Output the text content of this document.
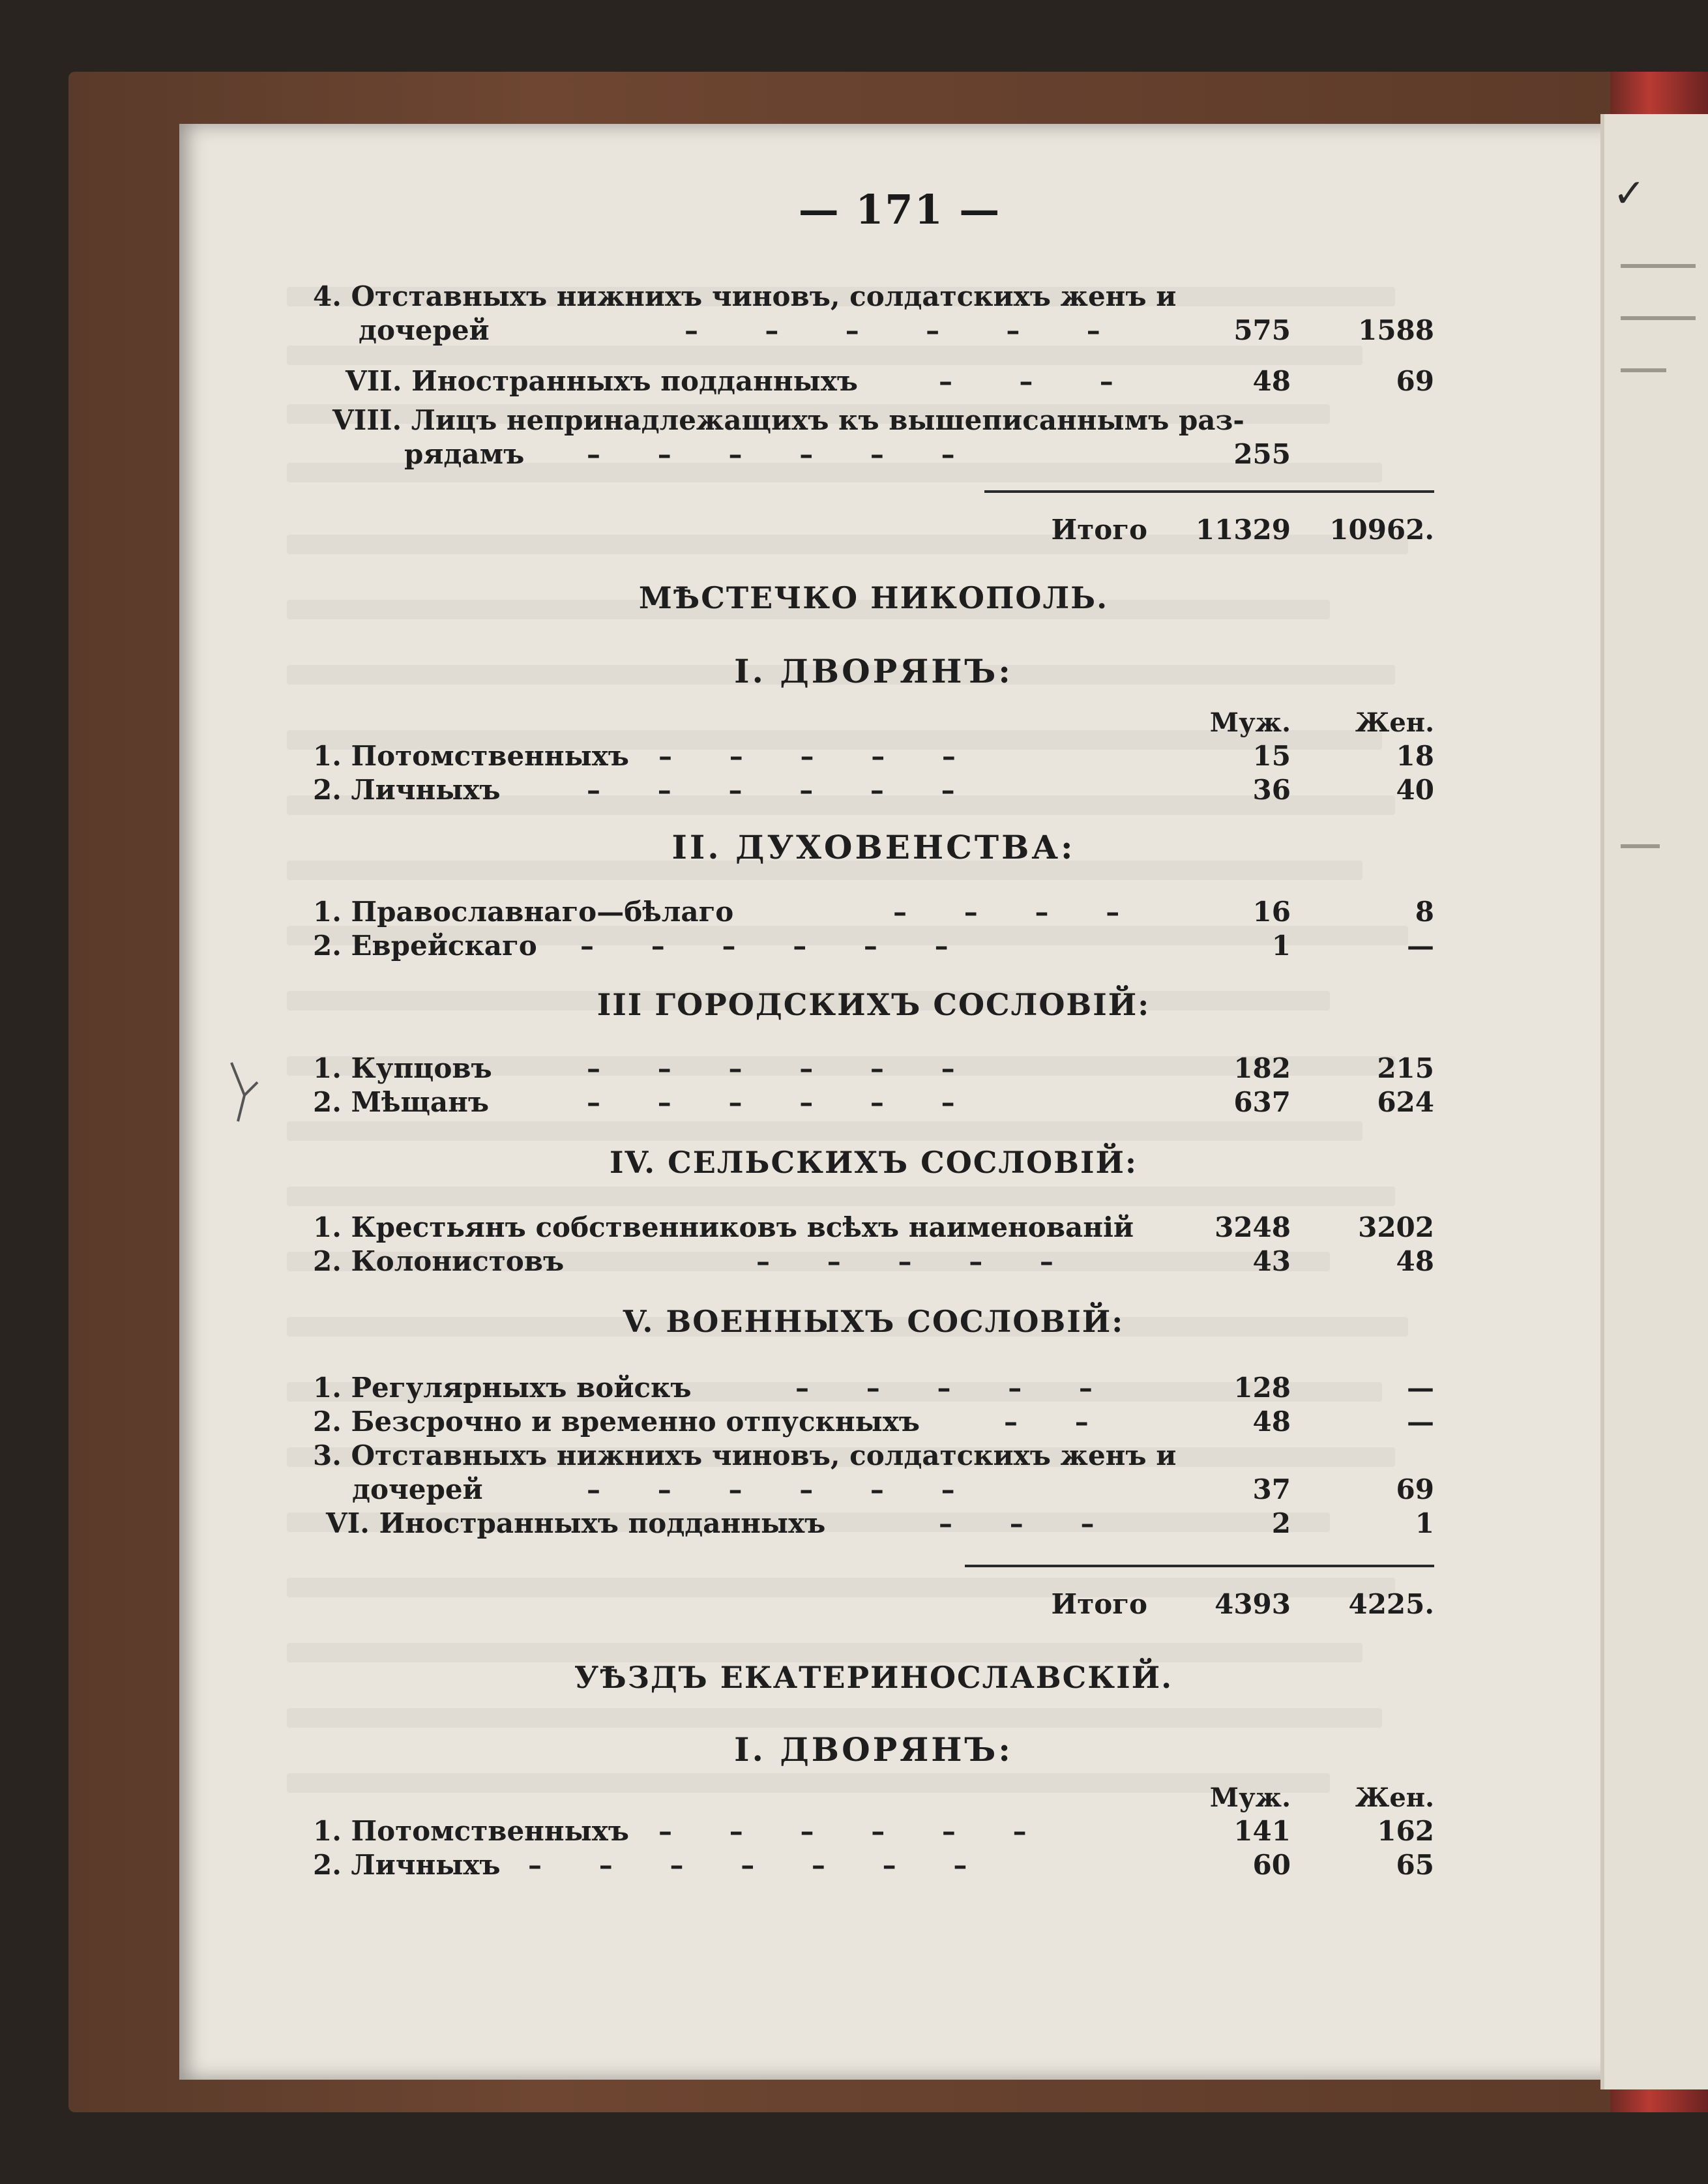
✓
— 171 —
4. Отставныхъ нижнихъ чиновъ, солдатскихъ женъ и
дочерей	–       –       –       –       –       –	575 1588
VII. Иностранныхъ подданныхъ	–       –       –	48	69
VIII. Лицъ непринадлежащихъ къ вышеписаннымъ раз-
рядамъ –      –      –      –      –      –	255
Итого 11329 10962.
МѢСТЕЧКО НИКОПОЛЬ.
I. ДВОРЯНЪ:
Муж. Жен.
1. Потомственныхъ –      –      –      –      –	15	18
2. Личныхъ	–      –      –      –      –      –	36	40
II. ДУХОВЕНСТВА:
1. Православнаго—бѣлаго	–      –      –      –	16	8
2. Еврейскаго –      –      –      –      –      –	1	—
III ГОРОДСКИХЪ СОСЛОВІЙ:
1. Купцовъ	–      –      –      –      –      –	182	215
2. Мѣщанъ	–      –      –      –      –      –	637	624
IV. СЕЛЬСКИХЪ СОСЛОВІЙ:
1. Крестьянъ собственниковъ всѣхъ наименованій	3248 3202
2. Колонистовъ	–      –      –      –      –	43	48
V. ВОЕННЫХЪ СОСЛОВІЙ:
1. Регулярныхъ войскъ	–      –      –      –      –	128	—
2. Безсрочно и временно отпускныхъ	–      –	48	—
3. Отставныхъ нижнихъ чиновъ, солдатскихъ женъ и
дочерей	–      –      –      –      –      –	37	69
VI. Иностранныхъ подданныхъ	–      –      –	2	1
Итого 4393 4225.
УѢЗДЪ ЕКАТЕРИНОСЛАВСКІЙ.
I. ДВОРЯНЪ:
Муж. Жен.
1. Потомственныхъ –      –      –      –      –      –	141	162
2. Личныхъ –      –      –      –      –      –      –	60	65
